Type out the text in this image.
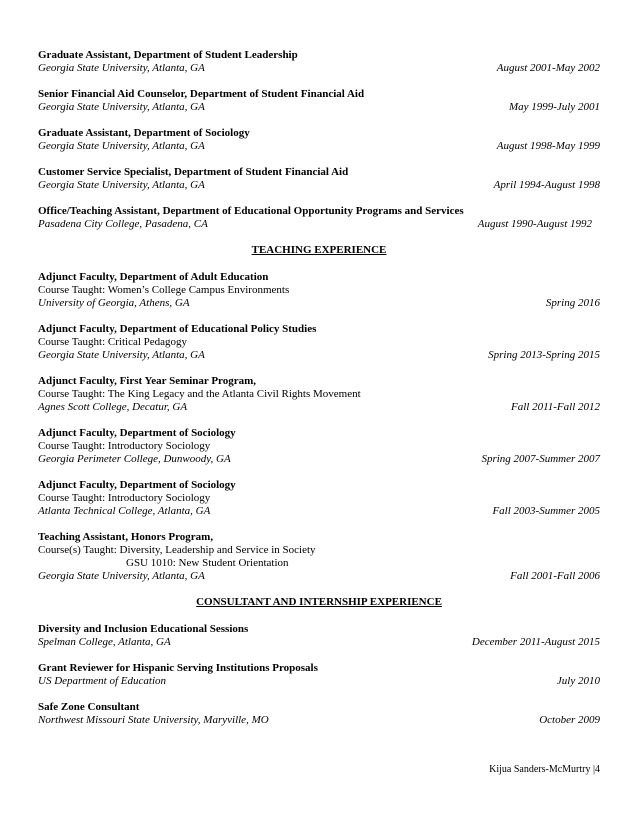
Graduate Assistant, Department of Student Leadership
Georgia State University, Atlanta, GA	August 2001-May 2002
Senior Financial Aid Counselor, Department of Student Financial Aid
Georgia State University, Atlanta, GA	May 1999-July 2001
Graduate Assistant, Department of Sociology
Georgia State University, Atlanta, GA	August 1998-May 1999
Customer Service Specialist, Department of Student Financial Aid
Georgia State University, Atlanta, GA	April 1994-August 1998
Office/Teaching Assistant, Department of Educational Opportunity Programs and Services
Pasadena City College, Pasadena, CA	August 1990-August 1992
TEACHING EXPERIENCE
Adjunct Faculty, Department of Adult Education
Course Taught: Women’s College Campus Environments
University of Georgia, Athens, GA	Spring 2016
Adjunct Faculty, Department of Educational Policy Studies
Course Taught: Critical Pedagogy
Georgia State University, Atlanta, GA	Spring 2013-Spring 2015
Adjunct Faculty, First Year Seminar Program,
Course Taught: The King Legacy and the Atlanta Civil Rights Movement
Agnes Scott College, Decatur, GA	Fall 2011-Fall 2012
Adjunct Faculty, Department of Sociology
Course Taught: Introductory Sociology
Georgia Perimeter College, Dunwoody, GA	Spring 2007-Summer 2007
Adjunct Faculty, Department of Sociology
Course Taught: Introductory Sociology
Atlanta Technical College, Atlanta, GA	Fall 2003-Summer 2005
Teaching Assistant, Honors Program,
Course(s) Taught: Diversity, Leadership and Service in Society
GSU 1010: New Student Orientation
Georgia State University, Atlanta, GA	Fall 2001-Fall 2006
CONSULTANT AND INTERNSHIP EXPERIENCE
Diversity and Inclusion Educational Sessions
Spelman College, Atlanta, GA	December 2011-August 2015
Grant Reviewer for Hispanic Serving Institutions Proposals
US Department of Education	July 2010
Safe Zone Consultant
Northwest Missouri State University, Maryville, MO	October 2009
Kijua Sanders-McMurtry |4
